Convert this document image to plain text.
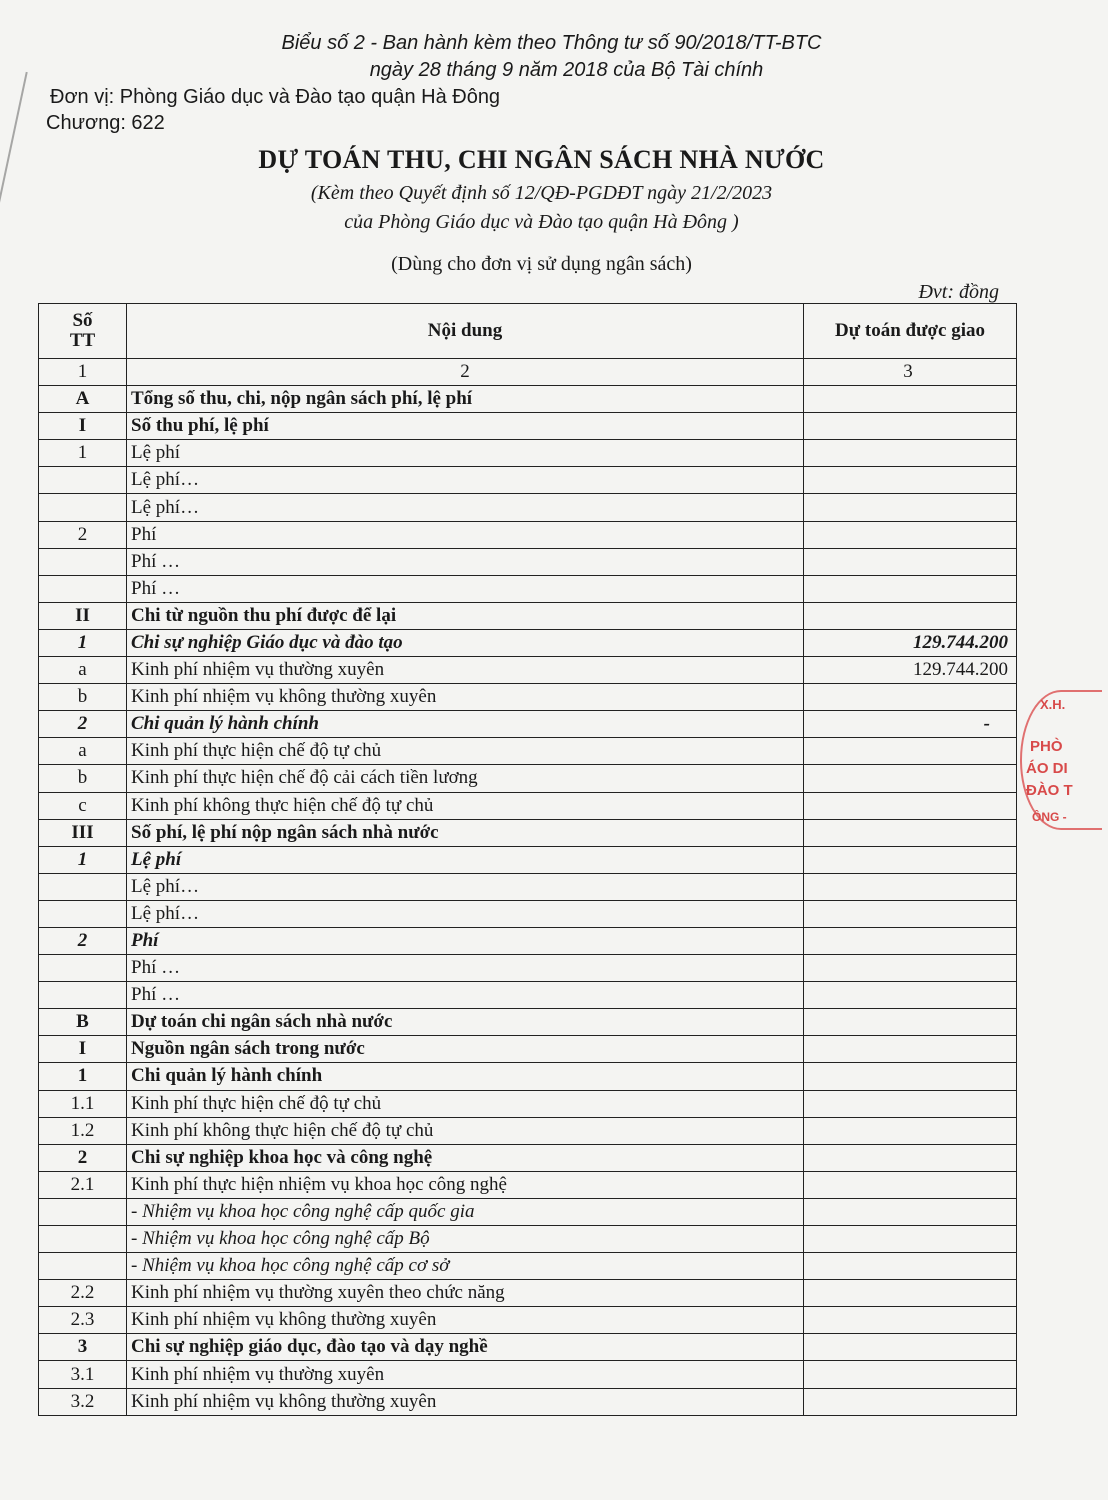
Biểu số 2 - Ban hành kèm theo Thông tư số 90/2018/TT-BTC
ngày 28 tháng 9 năm 2018 của Bộ Tài chính
Đơn vị: Phòng Giáo dục và Đào tạo quận Hà Đông
Chương: 622
DỰ TOÁN THU, CHI NGÂN SÁCH NHÀ NƯỚC
(Kèm theo Quyết định số 12/QĐ-PGDĐT ngày 21/2/2023
của Phòng Giáo dục và Đào tạo quận Hà Đông )
(Dùng cho đơn vị sử dụng ngân sách)
Đvt: đồng
Số
TT	Nội dung	Dự toán được giao
1	2	3
A	Tổng số thu, chi, nộp ngân sách phí, lệ phí	
I	Số thu phí, lệ phí	
1	Lệ phí	
	Lệ phí…	
	Lệ phí…	
2	Phí	
	Phí …	
	Phí …	
II	Chi từ nguồn thu phí được để lại	
1	Chi sự nghiệp Giáo dục và đào tạo	129.744.200
a	Kinh phí nhiệm vụ thường xuyên	129.744.200
b	Kinh phí nhiệm vụ không thường xuyên	
2	Chi quản lý hành chính	-
a	Kinh phí thực hiện chế độ tự chủ	
b	Kinh phí thực hiện chế độ cải cách tiền lương	
c	Kinh phí không thực hiện chế độ tự chủ	
III	Số phí, lệ phí nộp ngân sách nhà nước	
1	Lệ phí	
	Lệ phí…	
	Lệ phí…	
2	Phí	
	Phí …	
	Phí …	
B	Dự toán chi ngân sách nhà nước	
I	Nguồn ngân sách trong nước	
1	Chi quản lý hành chính	
1.1	Kinh phí thực hiện chế độ tự chủ	
1.2	Kinh phí không thực hiện chế độ tự chủ	
2	Chi sự nghiệp khoa học và công nghệ	
2.1	Kinh phí thực hiện nhiệm vụ khoa học công nghệ	
	- Nhiệm vụ khoa học công nghệ cấp quốc gia	
	- Nhiệm vụ khoa học công nghệ cấp Bộ	
	- Nhiệm vụ khoa học công nghệ cấp cơ sở	
2.2	Kinh phí nhiệm vụ thường xuyên theo chức năng	
2.3	Kinh phí nhiệm vụ không thường xuyên	
3	Chi sự nghiệp giáo dục, đào tạo và dạy nghề	
3.1	Kinh phí nhiệm vụ thường xuyên	
3.2	Kinh phí nhiệm vụ không thường xuyên	
X.H.
PHÒ
ÁO DI
ĐÀO T
ÔNG -
